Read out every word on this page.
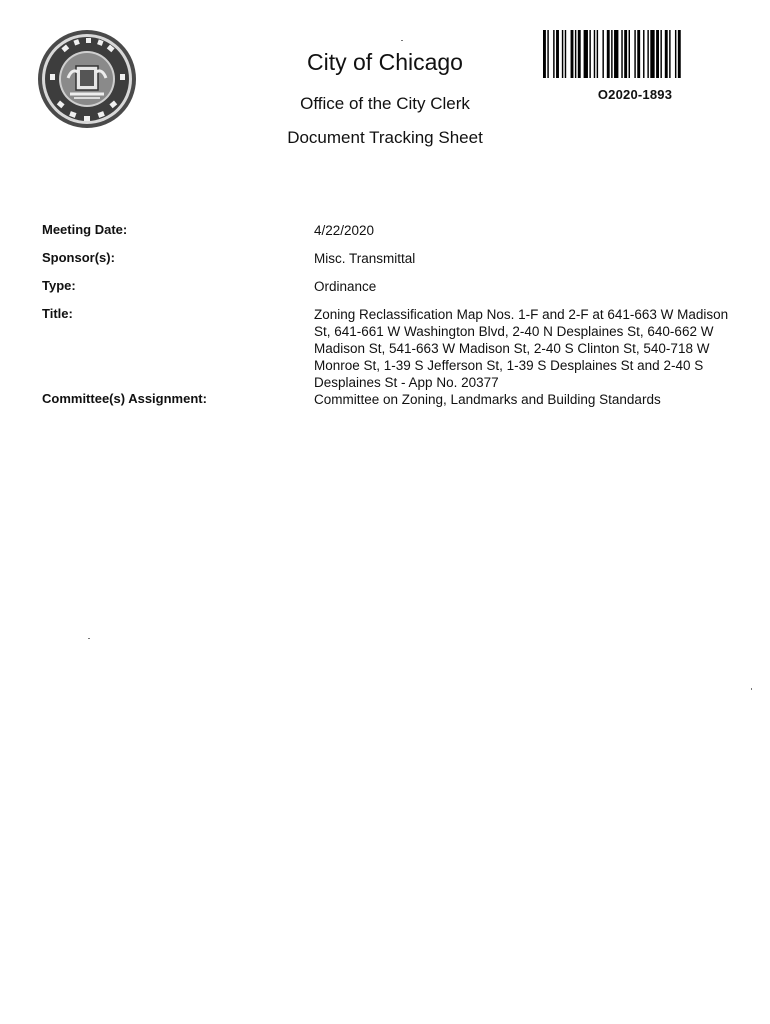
City of Chicago
Office of the City Clerk
Document Tracking Sheet
O2020-1893
Meeting Date:	4/22/2020
Sponsor(s):	Misc. Transmittal
Type:	Ordinance
Title:	Zoning Reclassification Map Nos. 1-F and 2-F at 641-663 W Madison St, 641-661 W Washington Blvd, 2-40 N Desplaines St, 640-662 W Madison St, 541-663 W Madison St, 2-40 S Clinton St, 540-718 W Monroe St, 1-39 S Jefferson St, 1-39 S Desplaines St and 2-40 S Desplaines St - App No. 20377
Committee(s) Assignment:	Committee on Zoning, Landmarks and Building Standards
